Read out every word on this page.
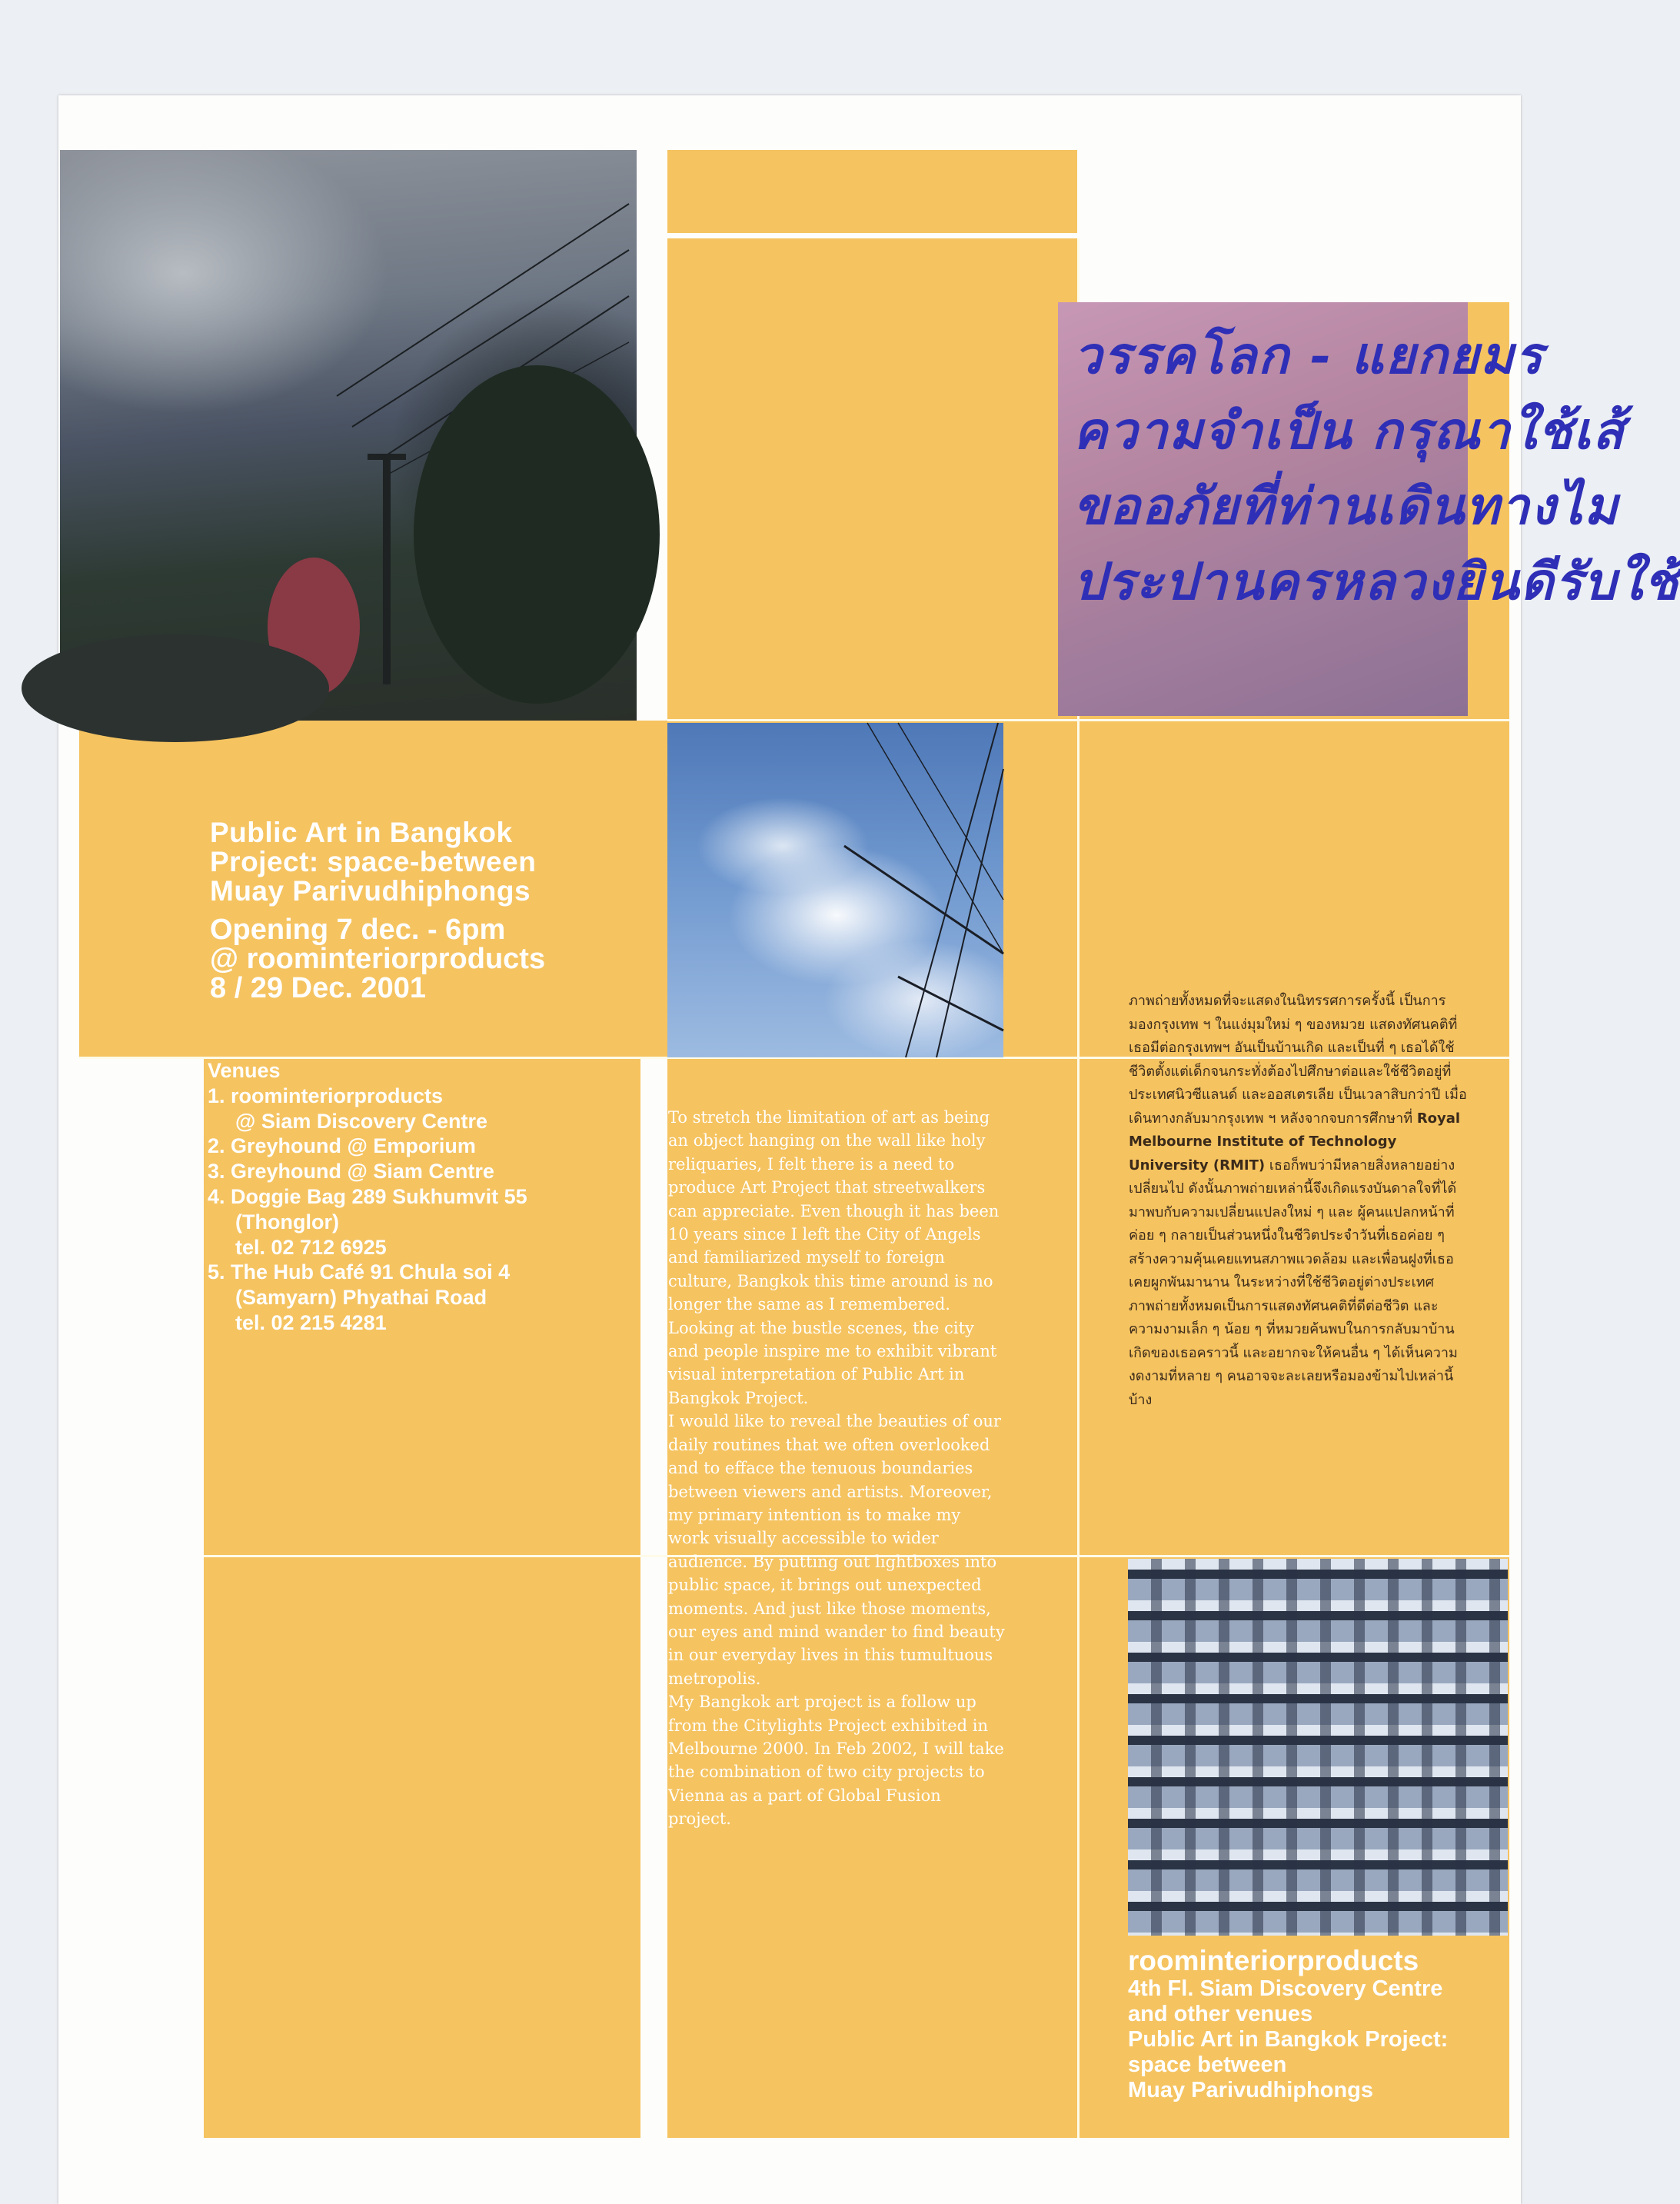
วรรคโลก - แยกยมร
ความจำเป็น กรุณาใช้เส้
ขออภัยที่ท่านเดินทางไม
ประปานครหลวงยินดีรับใช้
Public Art in Bangkok
Project: space-between
Muay Parivudhiphongs
Opening 7 dec. - 6pm
@ roominteriorproducts
8 / 29 Dec. 2001
Venues
1. roominteriorproducts
@ Siam Discovery Centre
2. Greyhound @ Emporium
3. Greyhound @ Siam Centre
4. Doggie Bag 289 Sukhumvit 55
(Thonglor)
tel. 02 712 6925
5. The Hub Café 91 Chula soi 4
(Samyarn) Phyathai Road
tel. 02 215 4281

To stretch the limitation of art as being an object hanging on the wall like holy reliquaries, I felt there is a need to produce Art Project that streetwalkers can appreciate. Even though it has been 10 years since I left the City of Angels and familiarized myself to foreign culture, Bangkok this time around is no longer the same as I remembered. Looking at the bustle scenes, the city and people inspire me to exhibit vibrant visual interpretation of Public Art in Bangkok Project.

I would like to reveal the beauties of our daily routines that we often overlooked and to efface the tenuous boundaries between viewers and artists. Moreover, my primary intention is to make my work visually accessible to wider audience. By putting out lightboxes into public space, it brings out unexpected moments. And just like those moments, our eyes and mind wander to find beauty in our everyday lives in this tumultuous metropolis.

My Bangkok art project is a follow up from the Citylights Project exhibited in Melbourne 2000. In Feb 2002, I will take the combination of two city projects to Vienna as a part of Global Fusion project.

ภาพถ่ายทั้งหมดที่จะแสดงในนิทรรศการครั้งนี้ เป็นการมองกรุงเทพ ฯ ในแง่มุมใหม่ ๆ ของหมวย แสดงทัศนคติที่เธอมีต่อกรุงเทพฯ อันเป็นบ้านเกิด และเป็นที่ ๆ เธอได้ใช้ชีวิตตั้งแต่เด็กจนกระทั่งต้องไปศึกษาต่อและใช้ชีวิตอยู่ที่ประเทศนิวซีแลนด์ และออสเตรเลีย เป็นเวลาสิบกว่าปี เมื่อเดินทางกลับมากรุงเทพ ฯ หลังจากจบการศึกษาที่ Royal Melbourne Institute of Technology University (RMIT) เธอก็พบว่ามีหลายสิ่งหลายอย่างเปลี่ยนไป ดังนั้นภาพถ่ายเหล่านี้จึงเกิดแรงบันดาลใจที่ได้มาพบกับความเปลี่ยนแปลงใหม่ ๆ และ ผู้คนแปลกหน้าที่ค่อย ๆ กลายเป็นส่วนหนึ่งในชีวิตประจำวันที่เธอค่อย ๆ สร้างความคุ้นเคยแทนสภาพแวดล้อม และเพื่อนฝูงที่เธอเคยผูกพันมานาน ในระหว่างที่ใช้ชีวิตอยู่ต่างประเทศ ภาพถ่ายทั้งหมดเป็นการแสดงทัศนคติที่ดีต่อชีวิต และ ความงามเล็ก ๆ น้อย ๆ ที่หมวยค้นพบในการกลับมาบ้านเกิดของเธอคราวนี้ และอยากจะให้คนอื่น ๆ ได้เห็นความงดงามที่หลาย ๆ คนอาจจะละเลยหรือมองข้ามไปเหล่านี้บ้าง
roominteriorproducts
4th Fl. Siam Discovery Centre
and other venues
Public Art in Bangkok Project:
space between
Muay Parivudhiphongs
